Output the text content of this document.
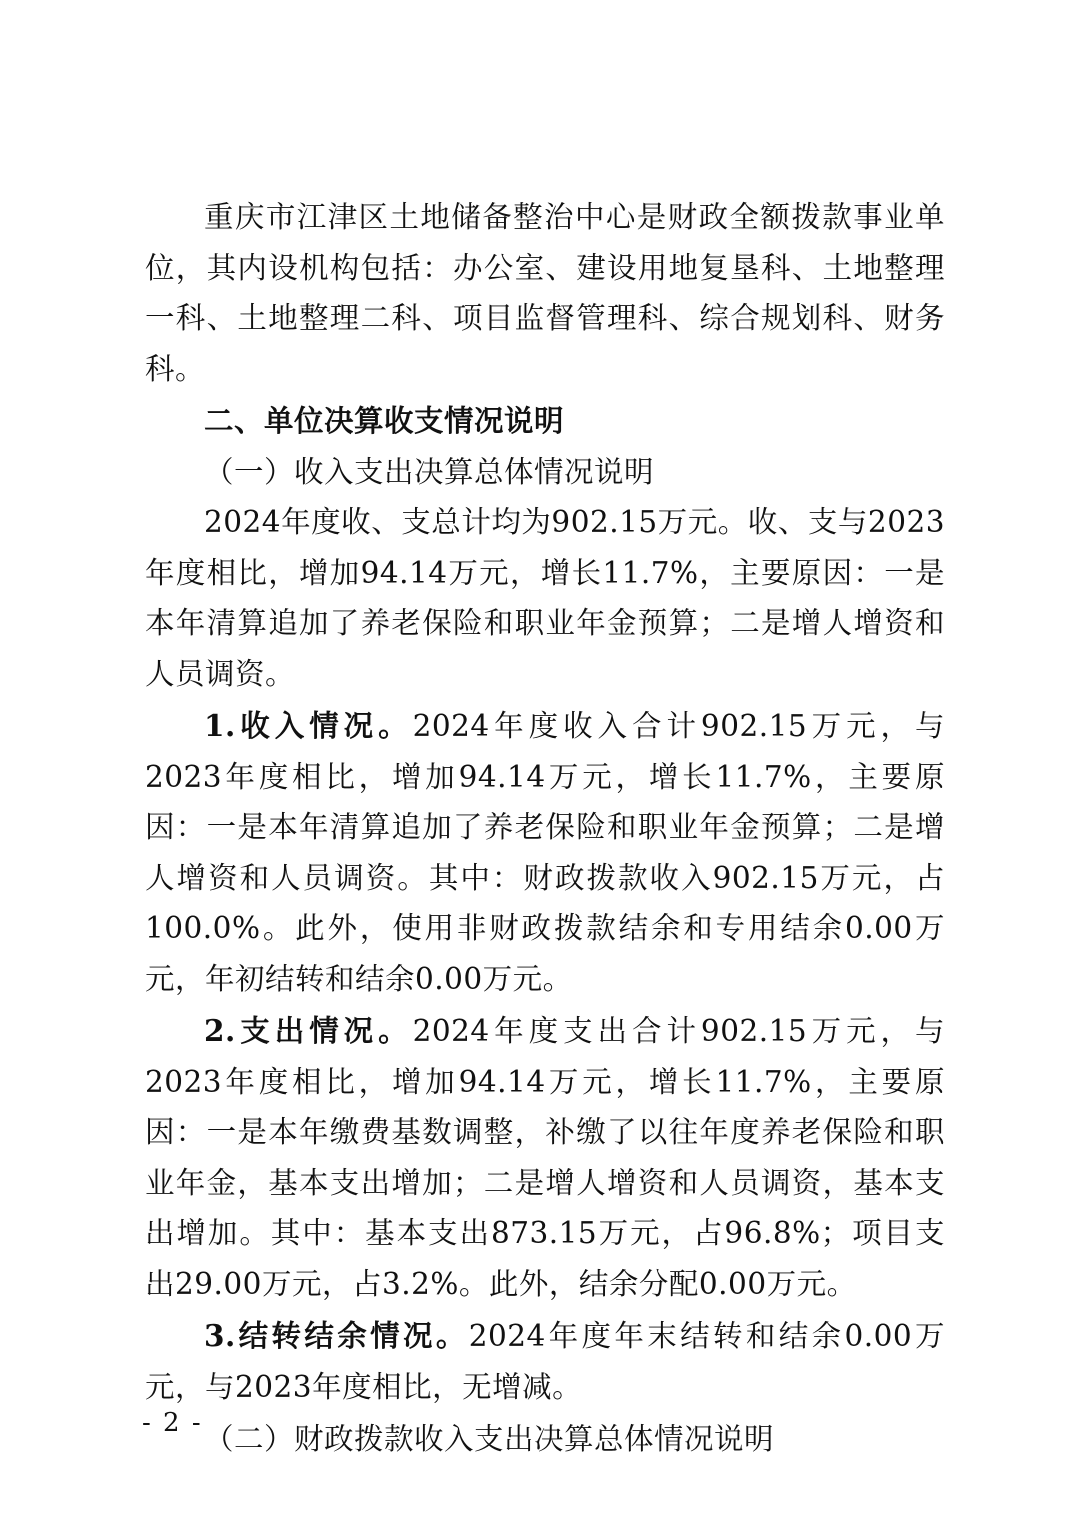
重庆市江津区土地储备整治中心是财政全额拨款事业单位，其内设机构包括：办公室、建设用地复垦科、土地整理一科、土地整理二科、项目监督管理科、综合规划科、财务科。

二、单位决算收支情况说明

（一）收入支出决算总体情况说明

2024年度收、支总计均为902.15万元。收、支与2023年度相比，增加94.14万元，增长11.7%，主要原因：一是本年清算追加了养老保险和职业年金预算；二是增人增资和人员调资。

1.收入情况。2024年度收入合计902.15万元，与2023年度相比，增加94.14万元，增长11.7%，主要原因：一是本年清算追加了养老保险和职业年金预算；二是增人增资和人员调资。其中：财政拨款收入902.15万元，占100.0%。此外，使用非财政拨款结余和专用结余0.00万元，年初结转和结余0.00万元。

2.支出情况。2024年度支出合计902.15万元，与2023年度相比，增加94.14万元，增长11.7%，主要原因：一是本年缴费基数调整，补缴了以往年度养老保险和职业年金，基本支出增加；二是增人增资和人员调资，基本支出增加。其中：基本支出873.15万元，占96.8%；项目支出29.00万元，占3.2%。此外，结余分配0.00万元。

3.结转结余情况。2024年度年末结转和结余0.00万元，与2023年度相比，无增减。

（二）财政拨款收入支出决算总体情况说明

- 2 -
